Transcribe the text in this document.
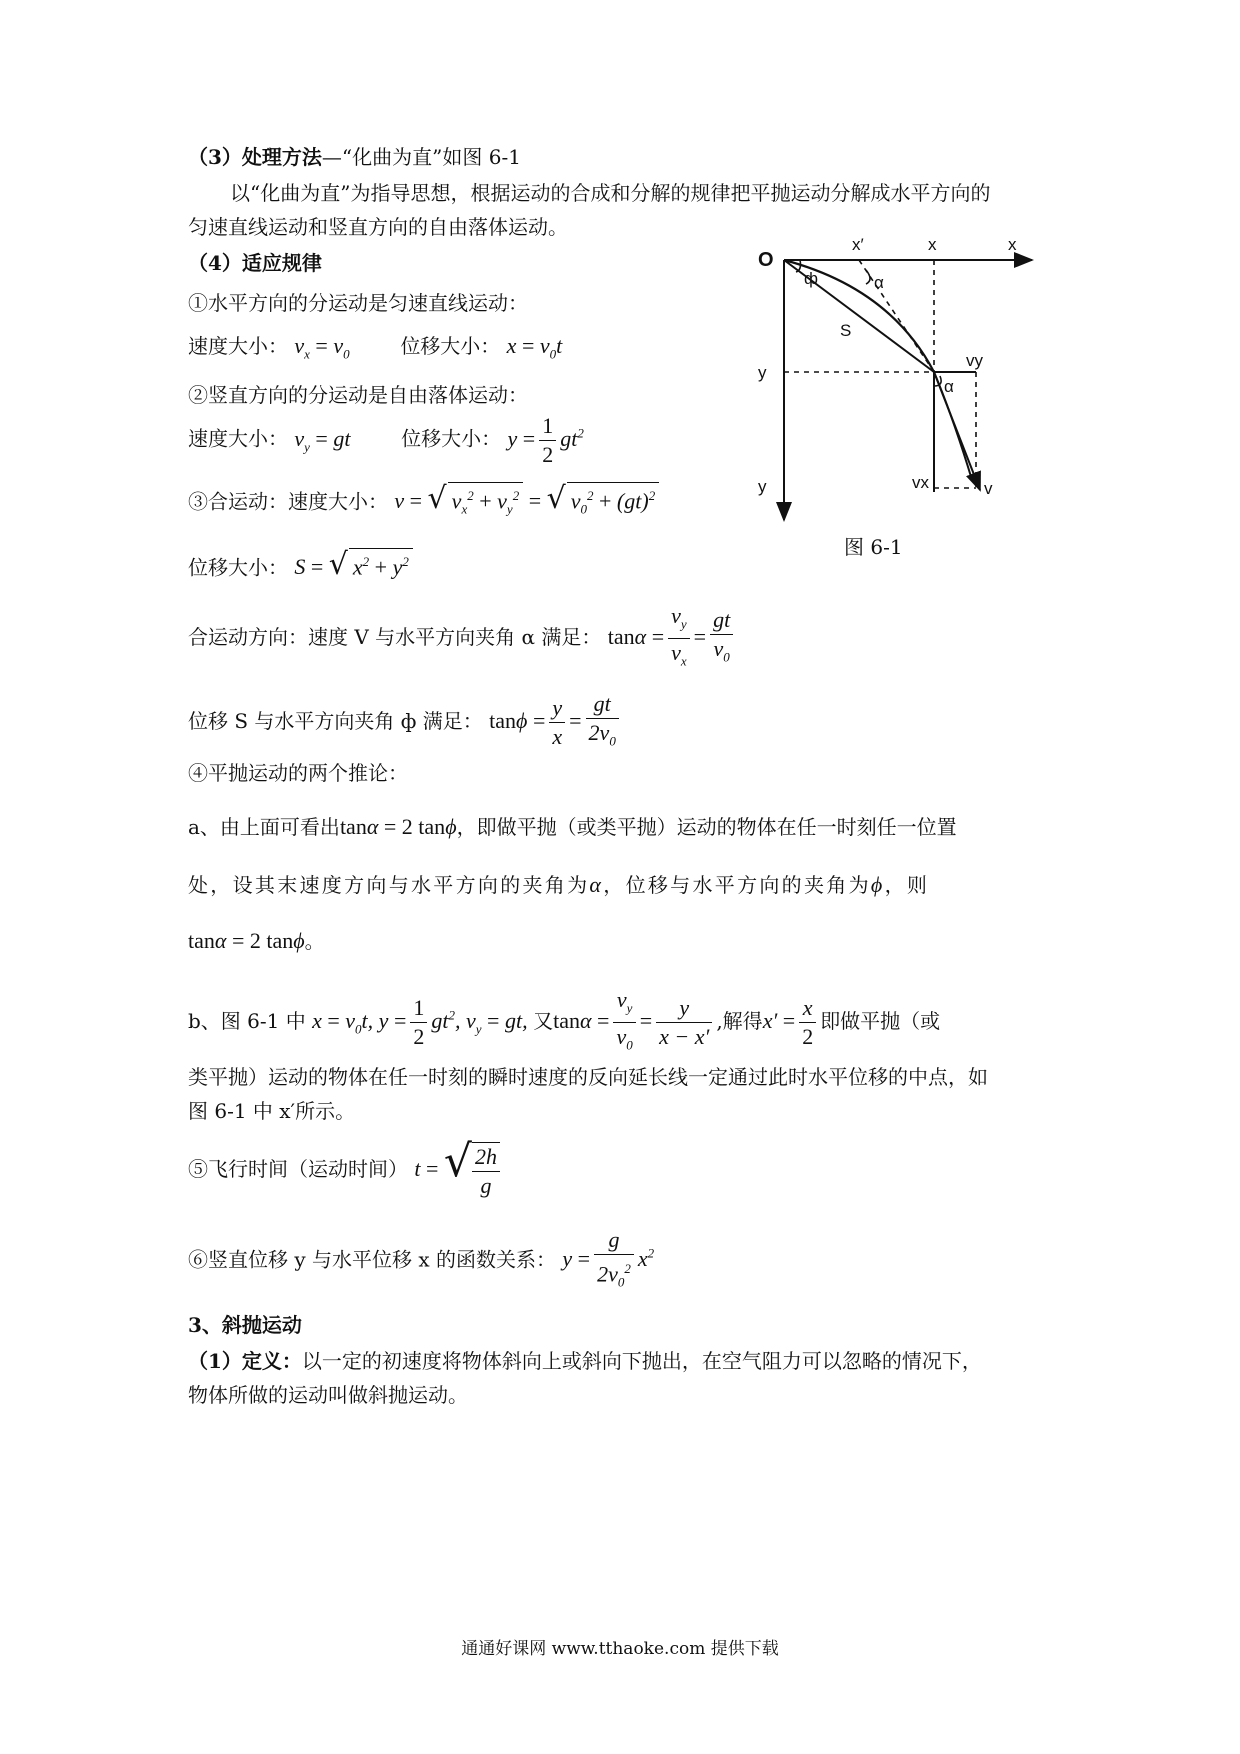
（3）处理方法—“化曲为直”如图 6-1
以“化曲为直”为指导思想，根据运动的合成和分解的规律把平抛运动分解成水平方向的
匀速直线运动和竖直方向的自由落体运动。
（4）适应规律
①水平方向的分运动是匀速直线运动：
速度大小： $v_x = v_0$	位移大小： $x = v_0t$
②竖直方向的分运动是自由落体运动：
速度大小： $v_y$ = gt	位移大小： $y = \frac{1}{2} gt^2$
③合运动：速度大小： v = √ $v_x^2 + v_y^2$ = √ $v_0^2 + (gt)^2$
位移大小： S = √ $x^2 + y^2$
合运动方向：速度 V 与水平方向夹角 α 满足： $\tan\alpha = \frac{v_y}{v_x} = \frac{gt}{v_0}$
位移 S 与水平方向夹角 ф 满足： $\tan\phi = \frac{y}{x} = \frac{gt}{2v_0}$
④平抛运动的两个推论：
a、由上面可看出tanα = 2 tanϕ，即做平抛（或类平抛）运动的物体在任一时刻任一位置
处，设其末速度方向与水平方向的夹角为α，位移与水平方向的夹角为ϕ，则
tanα = 2 tanϕ。
b、图 6-1 中 $x = v_0t$, $y = \frac{1}{2} gt^2$, $v_y$ = gt, 又$\tan\alpha = \frac{v_y}{v_0} = \frac{y}{x - x'}$ ,解得$x' = \frac{x}{2}$ 即做平抛（或
类平抛）运动的物体在任一时刻的瞬时速度的反向延长线一定通过此时水平位移的中点，如
图 6-1 中 x′所示。
⑤飞行时间（运动时间） t = √ $\frac{2h}{g}$
⑥竖直位移 y 与水平位移 x 的函数关系： $y = \frac{g}{2v_0^2} x^2$
3、斜抛运动
（1）定义：以一定的初速度将物体斜向上或斜向下抛出，在空气阻力可以忽略的情况下，
物体所做的运动叫做斜抛运动。
O
x′	x	x
α
ф
S
y
y
vy
vx	v
α
图 6-1
通通好课网 www.tthaoke.com 提供下载
